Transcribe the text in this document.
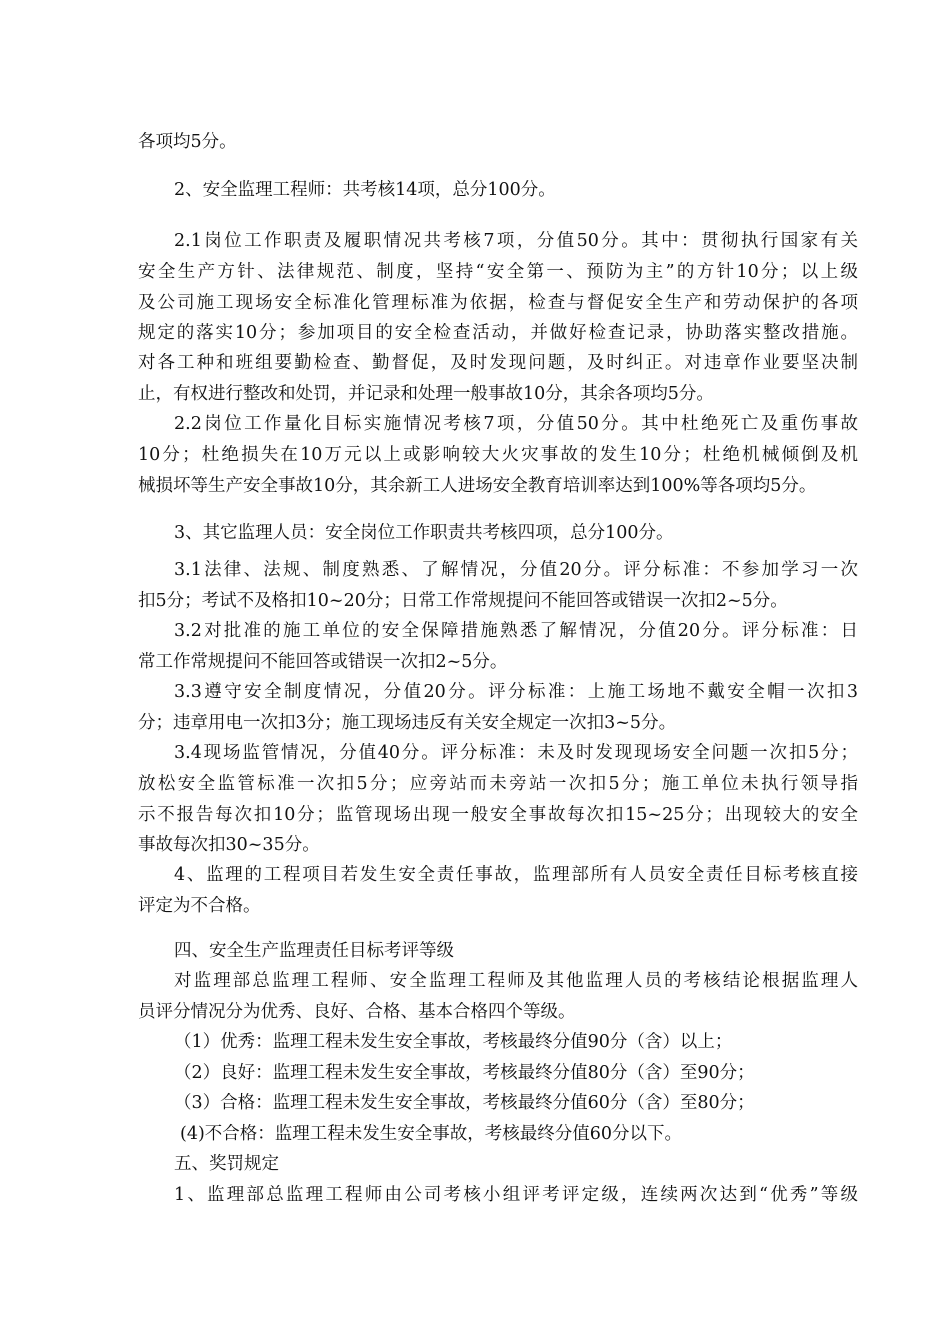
各项均5分。
2、安全监理工程师：共考核14项，总分100分。
2.1岗位工作职责及履职情况共考核7项，分值50分。其中：贯彻执行国家有关
安全生产方针、法律规范、制度，坚持“安全第一、预防为主”的方针10分；以上级
及公司施工现场安全标准化管理标准为依据，检查与督促安全生产和劳动保护的各项
规定的落实10分；参加项目的安全检查活动，并做好检查记录，协助落实整改措施。
对各工种和班组要勤检查、勤督促，及时发现问题，及时纠正。对违章作业要坚决制
止，有权进行整改和处罚，并记录和处理一般事故10分，其余各项均5分。
2.2岗位工作量化目标实施情况考核7项，分值50分。其中杜绝死亡及重伤事故
10分；杜绝损失在10万元以上或影响较大火灾事故的发生10分；杜绝机械倾倒及机
械损坏等生产安全事故10分，其余新工人进场安全教育培训率达到100%等各项均5分。
3、其它监理人员：安全岗位工作职责共考核四项，总分100分。
3.1法律、法规、制度熟悉、了解情况，分值20分。评分标准：不参加学习一次
扣5分；考试不及格扣10~20分；日常工作常规提问不能回答或错误一次扣2~5分。
3.2对批准的施工单位的安全保障措施熟悉了解情况，分值20分。评分标准：日
常工作常规提问不能回答或错误一次扣2~5分。
3.3遵守安全制度情况，分值20分。评分标准：上施工场地不戴安全帽一次扣3
分；违章用电一次扣3分；施工现场违反有关安全规定一次扣3~5分。
3.4现场监管情况，分值40分。评分标准：未及时发现现场安全问题一次扣5分；
放松安全监管标准一次扣5分；应旁站而未旁站一次扣5分；施工单位未执行领导指
示不报告每次扣10分；监管现场出现一般安全事故每次扣15~25分；出现较大的安全
事故每次扣30~35分。
4、监理的工程项目若发生安全责任事故，监理部所有人员安全责任目标考核直接
评定为不合格。
四、安全生产监理责任目标考评等级
对监理部总监理工程师、安全监理工程师及其他监理人员的考核结论根据监理人
员评分情况分为优秀、良好、合格、基本合格四个等级。
（1）优秀：监理工程未发生安全事故，考核最终分值90分（含）以上；
（2）良好：监理工程未发生安全事故，考核最终分值80分（含）至90分；
（3）合格：监理工程未发生安全事故，考核最终分值60分（含）至80分；
(4)不合格：监理工程未发生安全事故，考核最终分值60分以下。
五、奖罚规定
1、监理部总监理工程师由公司考核小组评考评定级，连续两次达到“优秀”等级
